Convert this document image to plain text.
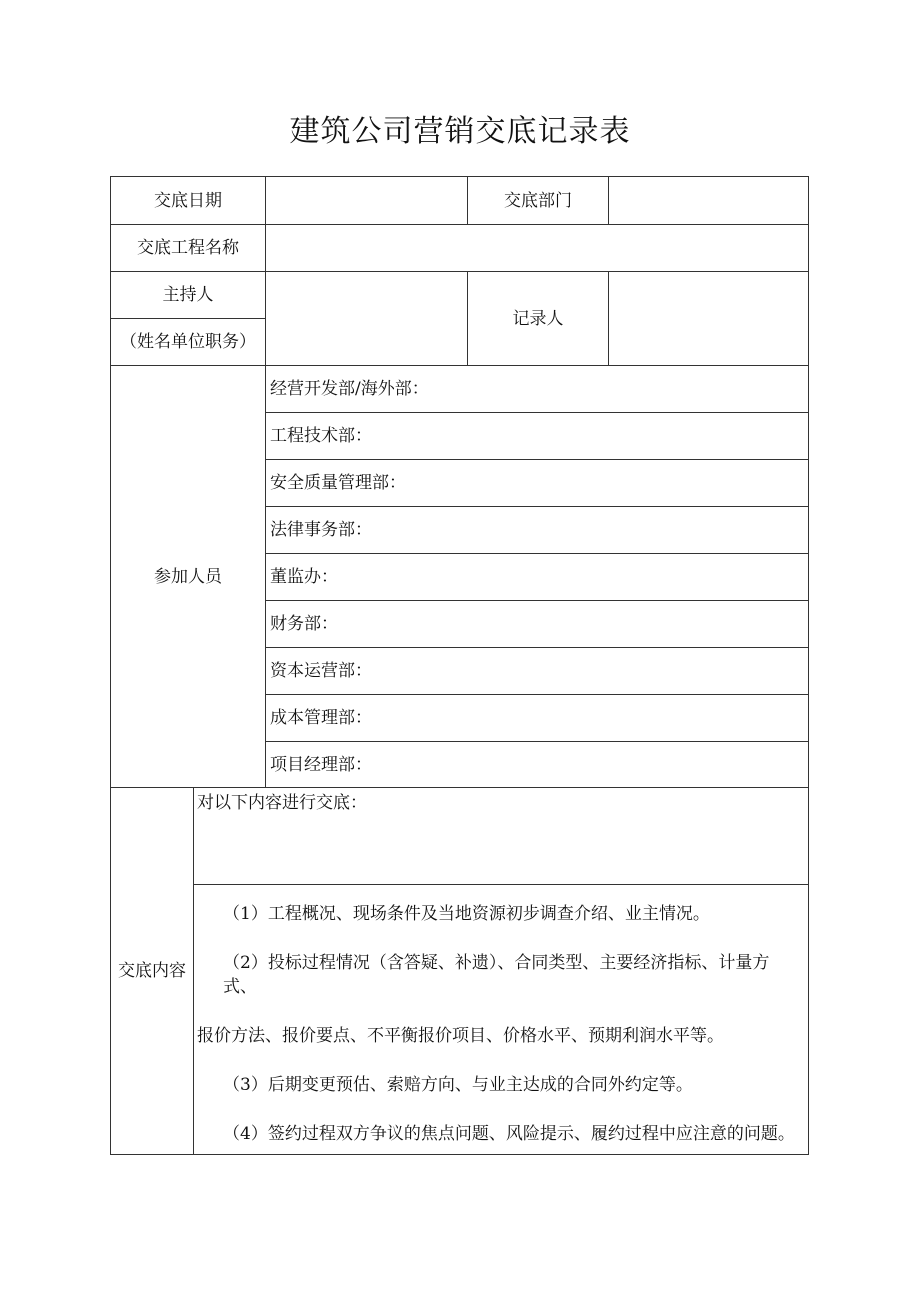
建筑公司营销交底记录表
交底日期	交底部门
交底工程名称
主持人
（姓名单位职务）
记录人
参加人员
经营开发部/海外部：
工程技术部：
安全质量管理部：
法律事务部：
董监办：
财务部：
资本运营部：
成本管理部：
项目经理部：
交底内容
对以下内容进行交底：
（1）工程概况、现场条件及当地资源初步调查介绍、业主情况。
（2）投标过程情况（含答疑、补遗）、合同类型、主要经济指标、计量方式、
报价方法、报价要点、不平衡报价项目、价格水平、预期利润水平等。
（3）后期变更预估、索赔方向、与业主达成的合同外约定等。
（4）签约过程双方争议的焦点问题、风险提示、履约过程中应注意的问题。
